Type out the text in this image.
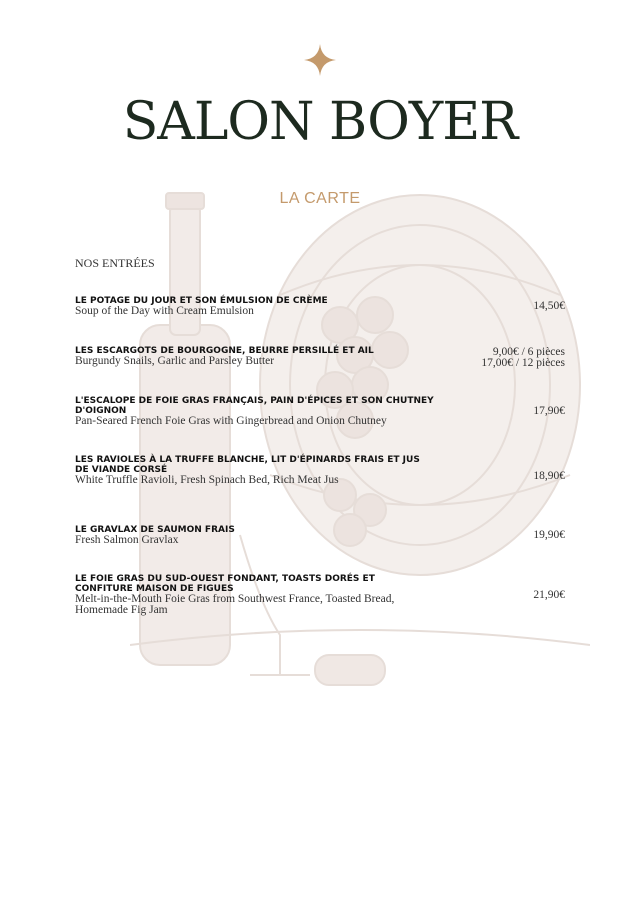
SALON BOYER
LA CARTE
NOS ENTRÉES
LE POTAGE DU JOUR ET SON ÉMULSION DE CRÈME
Soup of the Day with Cream Emulsion	14,50€
LES ESCARGOTS DE BOURGOGNE, BEURRE PERSILLÉ ET AIL
Burgundy Snails, Garlic and Parsley Butter
9,00€ / 6 pièces
17,00€ / 12 pièces
L'ESCALOPE DE FOIE GRAS FRANÇAIS, PAIN D'ÉPICES ET SON CHUTNEY D'OIGNON
Pan-Seared French Foie Gras with Gingerbread and Onion Chutney
17,90€
LES RAVIOLES À LA TRUFFE BLANCHE, LIT D'ÉPINARDS FRAIS ET JUS DE VIANDE CORSÉ
White Truffle Ravioli, Fresh Spinach Bed, Rich Meat Jus	18,90€
LE GRAVLAX DE SAUMON FRAIS
Fresh Salmon Gravlax	19,90€
LE FOIE GRAS DU SUD-OUEST FONDANT, TOASTS DORÉS ET CONFITURE MAISON DE FIGUES
Melt-in-the-Mouth Foie Gras from Southwest France, Toasted Bread, Homemade Fig Jam
21,90€
